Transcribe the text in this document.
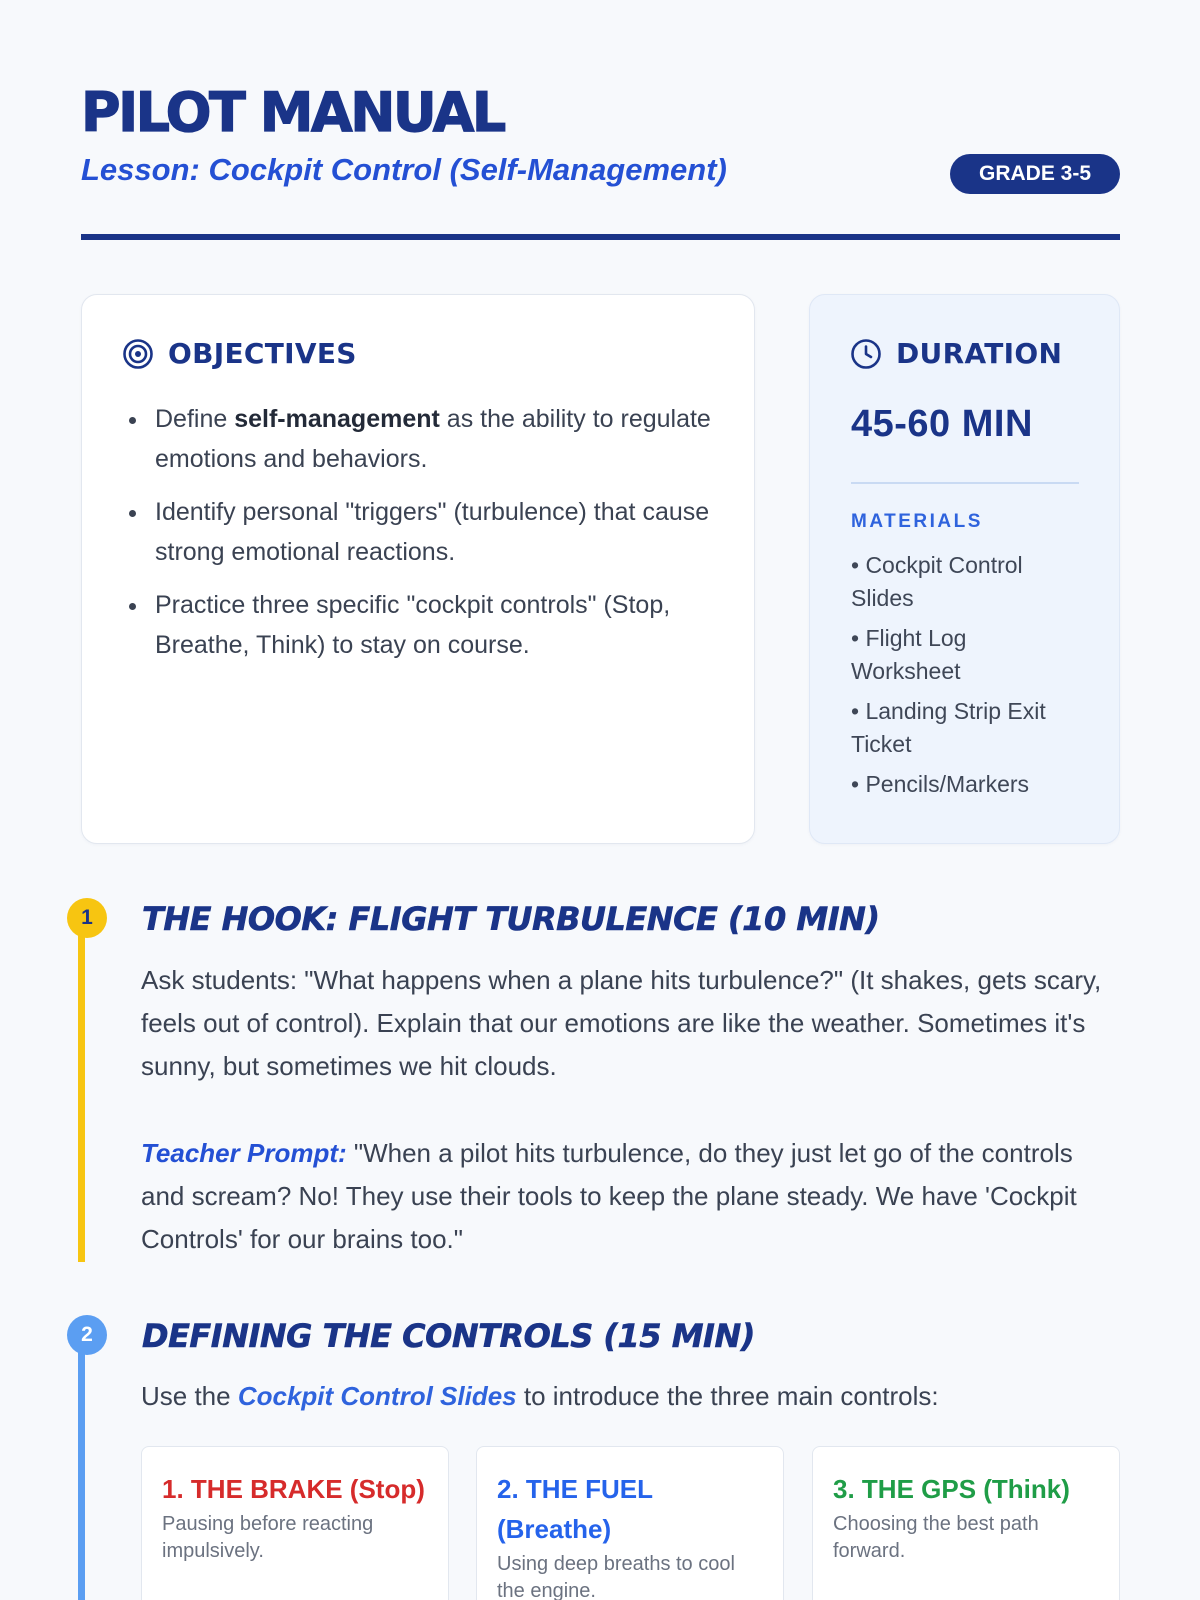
PILOT MANUAL
Lesson: Cockpit Control (Self-Management)	GRADE 3-5
OBJECTIVES
Define self-management as the ability to regulate emotions and behaviors.
Identify personal "triggers" (turbulence) that cause strong emotional reactions.
Practice three specific "cockpit controls" (Stop, Breathe, Think) to stay on course.
DURATION
45-60 MIN
MATERIALS
• Cockpit Control Slides
• Flight Log Worksheet
• Landing Strip Exit Ticket
• Pencils/Markers
1	THE HOOK: FLIGHT TURBULENCE (10 MIN)

Ask students: "What happens when a plane hits turbulence?" (It shakes, gets scary, feels out of control). Explain that our emotions are like the weather. Sometimes it's sunny, but sometimes we hit clouds.

Teacher Prompt: "When a pilot hits turbulence, do they just let go of the controls and scream? No! They use their tools to keep the plane steady. We have 'Cockpit Controls' for our brains too."

2	DEFINING THE CONTROLS (15 MIN)

Use the Cockpit Control Slides to introduce the three main controls:

1. THE BRAKE (Stop)
Pausing before reacting impulsively.
2. THE FUEL (Breathe)
Using deep breaths to cool the engine.
3. THE GPS (Think)
Choosing the best path forward.
